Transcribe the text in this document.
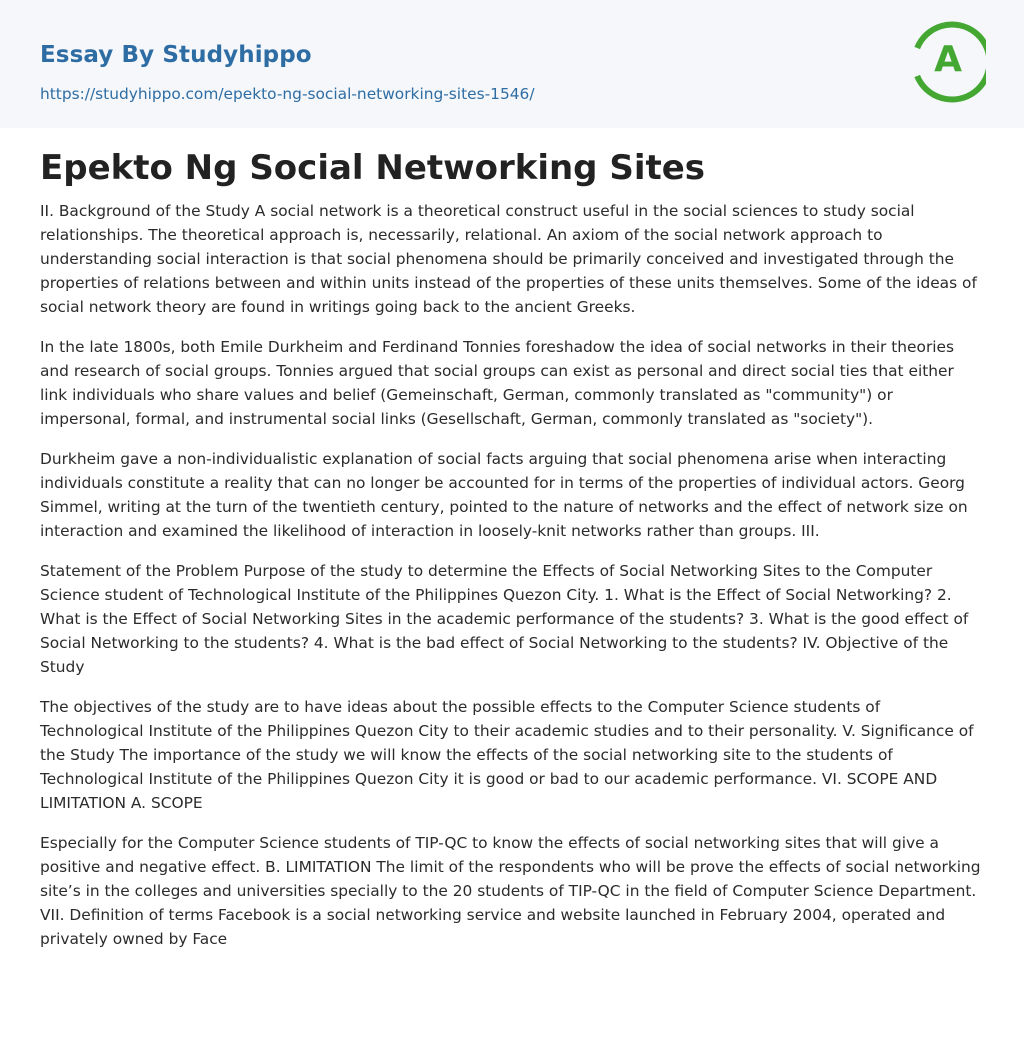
Essay By Studyhippo
https://studyhippo.com/epekto-ng-social-networking-sites-1546/
A
Epekto Ng Social Networking Sites

II. Background of the Study A social network is a theoretical construct useful in the social sciences to study social relationships. The theoretical approach is, necessarily, relational. An axiom of the social network approach to understanding social interaction is that social phenomena should be primarily conceived and investigated through the properties of relations between and within units instead of the properties of these units themselves. Some of the ideas of social network theory are found in writings going back to the ancient Greeks.

In the late 1800s, both Emile Durkheim and Ferdinand Tonnies foreshadow the idea of social networks in their theories and research of social groups. Tonnies argued that social groups can exist as personal and direct social ties that either link individuals who share values and belief (Gemeinschaft, German, commonly translated as "community") or impersonal, formal, and instrumental social links (Gesellschaft, German, commonly translated as "society").

Durkheim gave a non-individualistic explanation of social facts arguing that social phenomena arise when interacting individuals constitute a reality that can no longer be accounted for in terms of the properties of individual actors. Georg Simmel, writing at the turn of the twentieth century, pointed to the nature of networks and the effect of network size on interaction and examined the likelihood of interaction in loosely-knit networks rather than groups. III.

Statement of the Problem Purpose of the study to determine the Effects of Social Networking Sites to the Computer Science student of Technological Institute of the Philippines Quezon City. 1. What is the Effect of Social Networking? 2. What is the Effect of Social Networking Sites in the academic performance of the students? 3. What is the good effect of Social Networking to the students? 4. What is the bad effect of Social Networking to the students? IV. Objective of the Study

The objectives of the study are to have ideas about the possible effects to the Computer Science students of Technological Institute of the Philippines Quezon City to their academic studies and to their personality. V. Significance of the Study The importance of the study we will know the effects of the social networking site to the students of Technological Institute of the Philippines Quezon City it is good or bad to our academic performance. VI. SCOPE AND LIMITATION A. SCOPE

Especially for the Computer Science students of TIP-QC to know the effects of social networking sites that will give a positive and negative effect. B. LIMITATION The limit of the respondents who will be prove the effects of social networking site’s in the colleges and universities specially to the 20 students of TIP-QC in the field of Computer Science Department. VII. Definition of terms Facebook is a social networking service and website launched in February 2004, operated and privately owned by Face
